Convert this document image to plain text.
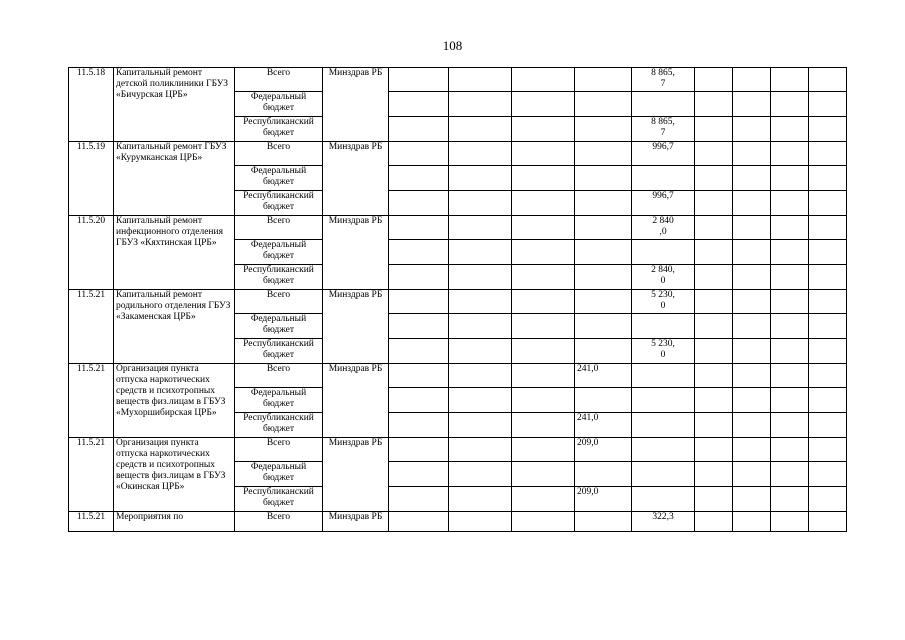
108
11.5.18	Капитальный ремонт детской поликлиники ГБУЗ «Бичурская ЦРБ»	Всего	Минздрав РБ					8 865,
7				
		Федеральный бюджет										
		Республиканский бюджет						8 865,
7				
11.5.19	Капитальный ремонт ГБУЗ «Курумканская ЦРБ»	Всего	Минздрав РБ					996,7				
		Федеральный бюджет										
		Республиканский бюджет						996,7				
11.5.20	Капитальный ремонт инфекционного отделения ГБУЗ «Кяхтинская ЦРБ»	Всего	Минздрав РБ					2 840
,0				
		Федеральный бюджет										
		Республиканский бюджет						2 840,
0				
11.5.21	Капитальный ремонт родильного отделения ГБУЗ «Закаменская ЦРБ»	Всего	Минздрав РБ					5 230,
0				
		Федеральный бюджет										
		Республиканский бюджет						5 230,
0				
11.5.21	Организация пункта отпуска наркотических средств и психотропных веществ физ.лицам в ГБУЗ «Мухоршибирская ЦРБ»	Всего	Минздрав РБ				241,0					
		Федеральный бюджет										
		Республиканский бюджет					241,0					
11.5.21	Организация пункта отпуска наркотических средств и психотропных веществ физ.лицам в ГБУЗ «Окинская ЦРБ»	Всего	Минздрав РБ				209,0					
		Федеральный бюджет										
		Республиканский бюджет					209,0					
11.5.21	Мероприятия по	Всего	Минздрав РБ					322,3				
